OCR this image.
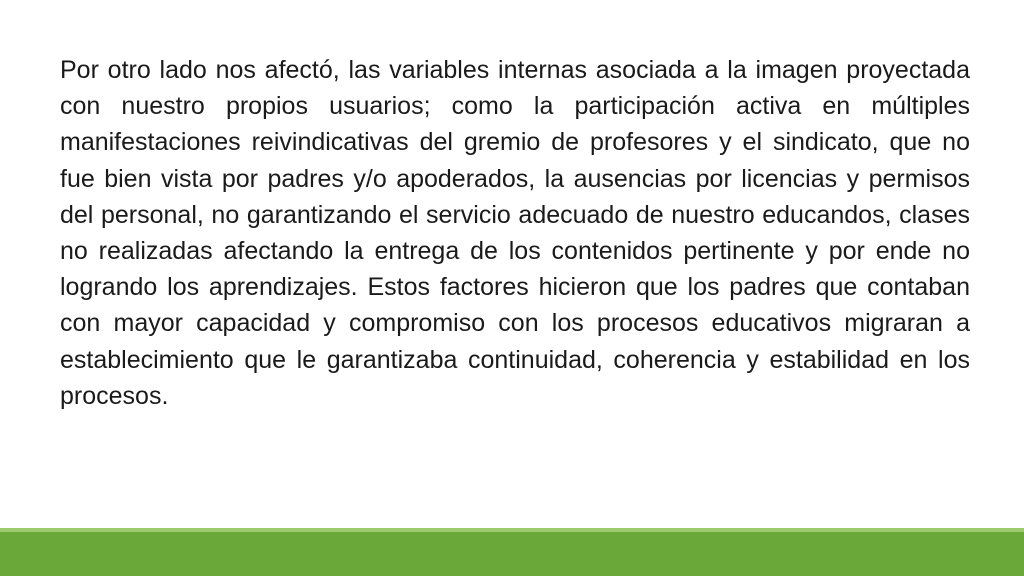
Por otro lado nos afectó, las variables internas asociada a la imagen proyectada con nuestro propios usuarios; como la participación activa en múltiples manifestaciones reivindicativas del gremio de profesores y el sindicato, que no fue bien vista por padres y/o apoderados, la ausencias por licencias y permisos del personal, no garantizando el servicio adecuado de nuestro educandos, clases no realizadas afectando la entrega de los contenidos pertinente y por ende no logrando los aprendizajes. Estos factores hicieron que los padres que contaban con mayor capacidad y compromiso con los procesos educativos migraran a establecimiento que le garantizaba continuidad, coherencia y estabilidad en los procesos.
